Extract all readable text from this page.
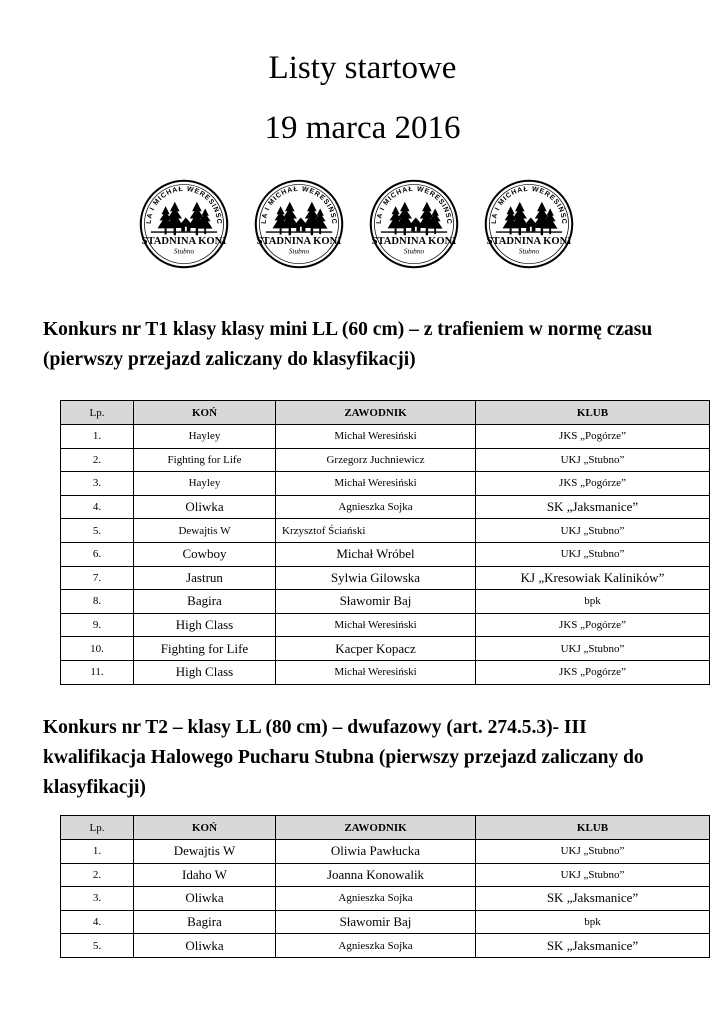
Listy startowe
19 marca 2016
Konkurs nr T1 klasy klasy mini LL (60 cm) – z trafieniem w normę czasu (pierwszy przejazd zaliczany do klasyfikacji)
Lp.	KOŃ	ZAWODNIK	KLUB
1.	Hayley	Michał Weresiński	JKS „Pogórze”
2.	Fighting for Life	Grzegorz Juchniewicz	UKJ „Stubno”
3.	Hayley	Michał Weresiński	JKS „Pogórze”
4.	Oliwka	Agnieszka Sojka	SK „Jaksmanice”
5.	Dewajtis W	Krzysztof Ściański	UKJ „Stubno”
6.	Cowboy	Michał Wróbel	UKJ „Stubno”
7.	Jastrun	Sylwia Gilowska	KJ „Kresowiak Kalinikόw”
8.	Bagira	Sławomir Baj	bpk
9.	High Class	Michał Weresiński	JKS „Pogórze”
10.	Fighting for Life	Kacper Kopacz	UKJ „Stubno”
11.	High Class	Michał Weresiński	JKS „Pogórze”
Konkurs nr T2 – klasy LL (80 cm) – dwufazowy (art. 274.5.3)- III kwalifikacja Halowego Pucharu Stubna (pierwszy przejazd zaliczany do klasyfikacji)
Lp.	KOŃ	ZAWODNIK	KLUB
1.	Dewajtis W	Oliwia Pawłucka	UKJ „Stubno”
2.	Idaho W	Joanna Konowalik	UKJ „Stubno”
3.	Oliwka	Agnieszka Sojka	SK „Jaksmanice”
4.	Bagira	Sławomir Baj	bpk
5.	Oliwka	Agnieszka Sojka	SK „Jaksmanice”
